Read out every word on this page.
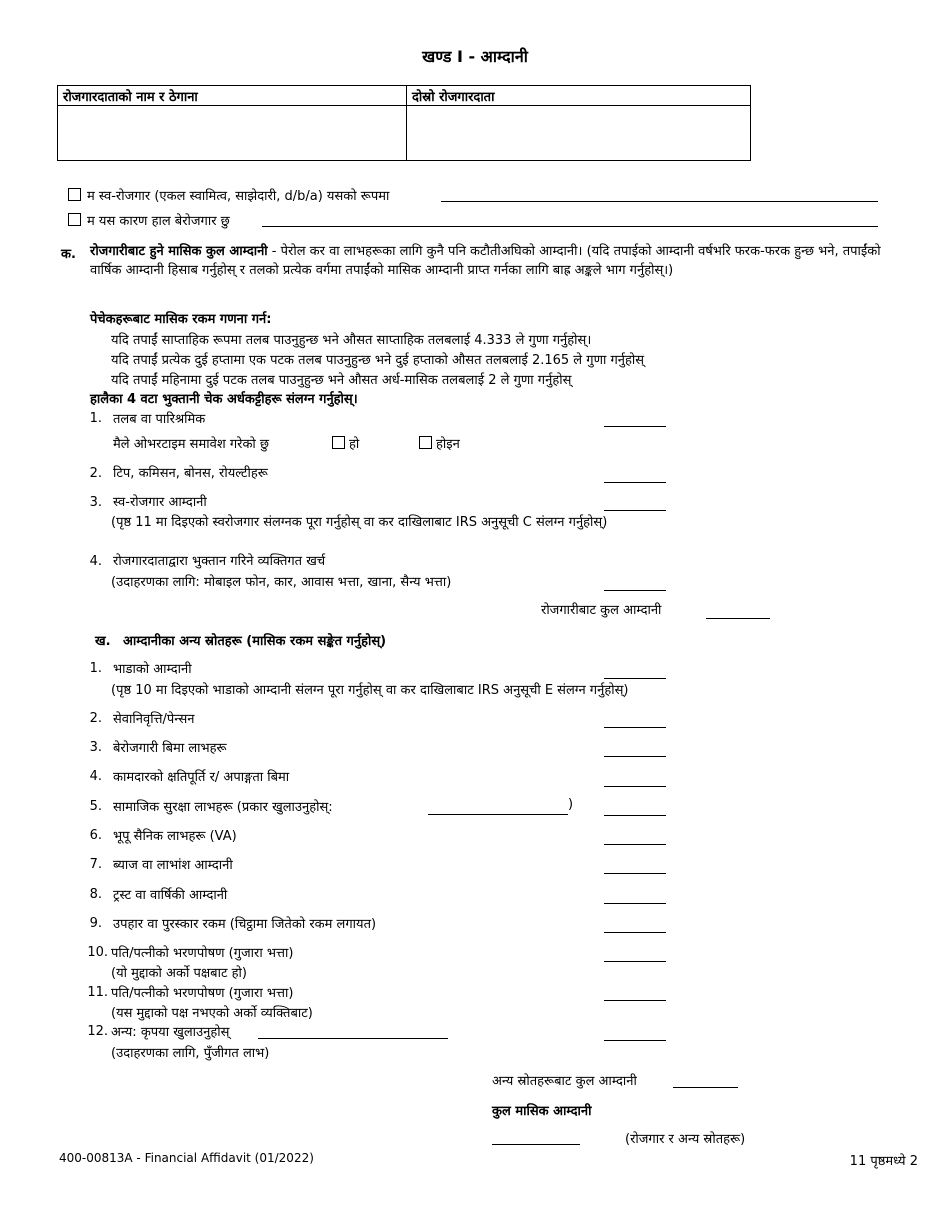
खण्ड I - आम्दानी
रोजगारदाताको नाम र ठेगाना	दोस्रो रोजगारदाता

म स्व-रोजगार (एकल स्वामित्व, साझेदारी, d/b/a) यसको रूपमा
म यस कारण हाल बेरोजगार छु
क. रोजगारीबाट हुने मासिक कुल आम्दानी - पेरोल कर वा लाभहरूका लागि कुनै पनि कटौतीअघिको आम्दानी। (यदि तपाईको आम्दानी वर्षभरि फरक-फरक हुन्छ भने, तपाईंको वार्षिक आम्दानी हिसाब गर्नुहोस् र तलको प्रत्येक वर्गमा तपाईंको मासिक आम्दानी प्राप्त गर्नका लागि बाह्र अङ्कले भाग गर्नुहोस्।)
पेचेकहरूबाट मासिक रकम गणना गर्न:
यदि तपाईं साप्ताहिक रूपमा तलब पाउनुहुन्छ भने औसत साप्ताहिक तलबलाई 4.333 ले गुणा गर्नुहोस्।
यदि तपाईं प्रत्येक दुई हप्तामा एक पटक तलब पाउनुहुन्छ भने दुई हप्ताको औसत तलबलाई 2.165 ले गुणा गर्नुहोस्
यदि तपाईं महिनामा दुई पटक तलब पाउनुहुन्छ भने औसत अर्ध-मासिक तलबलाई 2 ले गुणा गर्नुहोस्
हालैका 4 वटा भुक्तानी चेक अर्धकट्टीहरू संलग्न गर्नुहोस्।
1. तलब वा पारिश्रमिक
मैले ओभरटाइम समावेश गरेको छु	हो	होइन
2. टिप, कमिसन, बोनस, रोयल्टीहरू
3. स्व-रोजगार आम्दानी
(पृष्ठ 11 मा दिइएको स्वरोजगार संलग्नक पूरा गर्नुहोस् वा कर दाखिलाबाट IRS अनुसूची C संलग्न गर्नुहोस्)
4. रोजगारदाताद्वारा भुक्तान गरिने व्यक्तिगत खर्च
(उदाहरणका लागि: मोबाइल फोन, कार, आवास भत्ता, खाना, सैन्य भत्ता)
रोजगारीबाट कुल आम्दानी
ख. आम्दानीका अन्य स्रोतहरू (मासिक रकम सङ्केत गर्नुहोस्)
1. भाडाको आम्दानी
(पृष्ठ 10 मा दिइएको भाडाको आम्दानी संलग्न पूरा गर्नुहोस् वा कर दाखिलाबाट IRS अनुसूची E संलग्न गर्नुहोस्)
2. सेवानिवृत्ति/पेन्सन
3. बेरोजगारी बिमा लाभहरू
4. कामदारको क्षतिपूर्ति र/ अपाङ्गता बिमा
5. सामाजिक सुरक्षा लाभहरू (प्रकार खुलाउनुहोस्:	)
6. भूपू सैनिक लाभहरू (VA)
7. ब्याज वा लाभांश आम्दानी
8. ट्रस्ट वा वार्षिकी आम्दानी
9. उपहार वा पुरस्कार रकम (चिट्ठामा जितेको रकम लगायत)
10. पति/पत्नीको भरणपोषण (गुजारा भत्ता)
(यो मुद्दाको अर्को पक्षबाट हो)
11. पति/पत्नीको भरणपोषण (गुजारा भत्ता)
(यस मुद्दाको पक्ष नभएको अर्को व्यक्तिबाट)
12. अन्य: कृपया खुलाउनुहोस्
(उदाहरणका लागि, पुँजीगत लाभ)
अन्य स्रोतहरूबाट कुल आम्दानी
कुल मासिक आम्दानी
(रोजगार र अन्य स्रोतहरू)
400-00813A - Financial Affidavit (01/2022)	11 पृष्ठमध्ये 2
